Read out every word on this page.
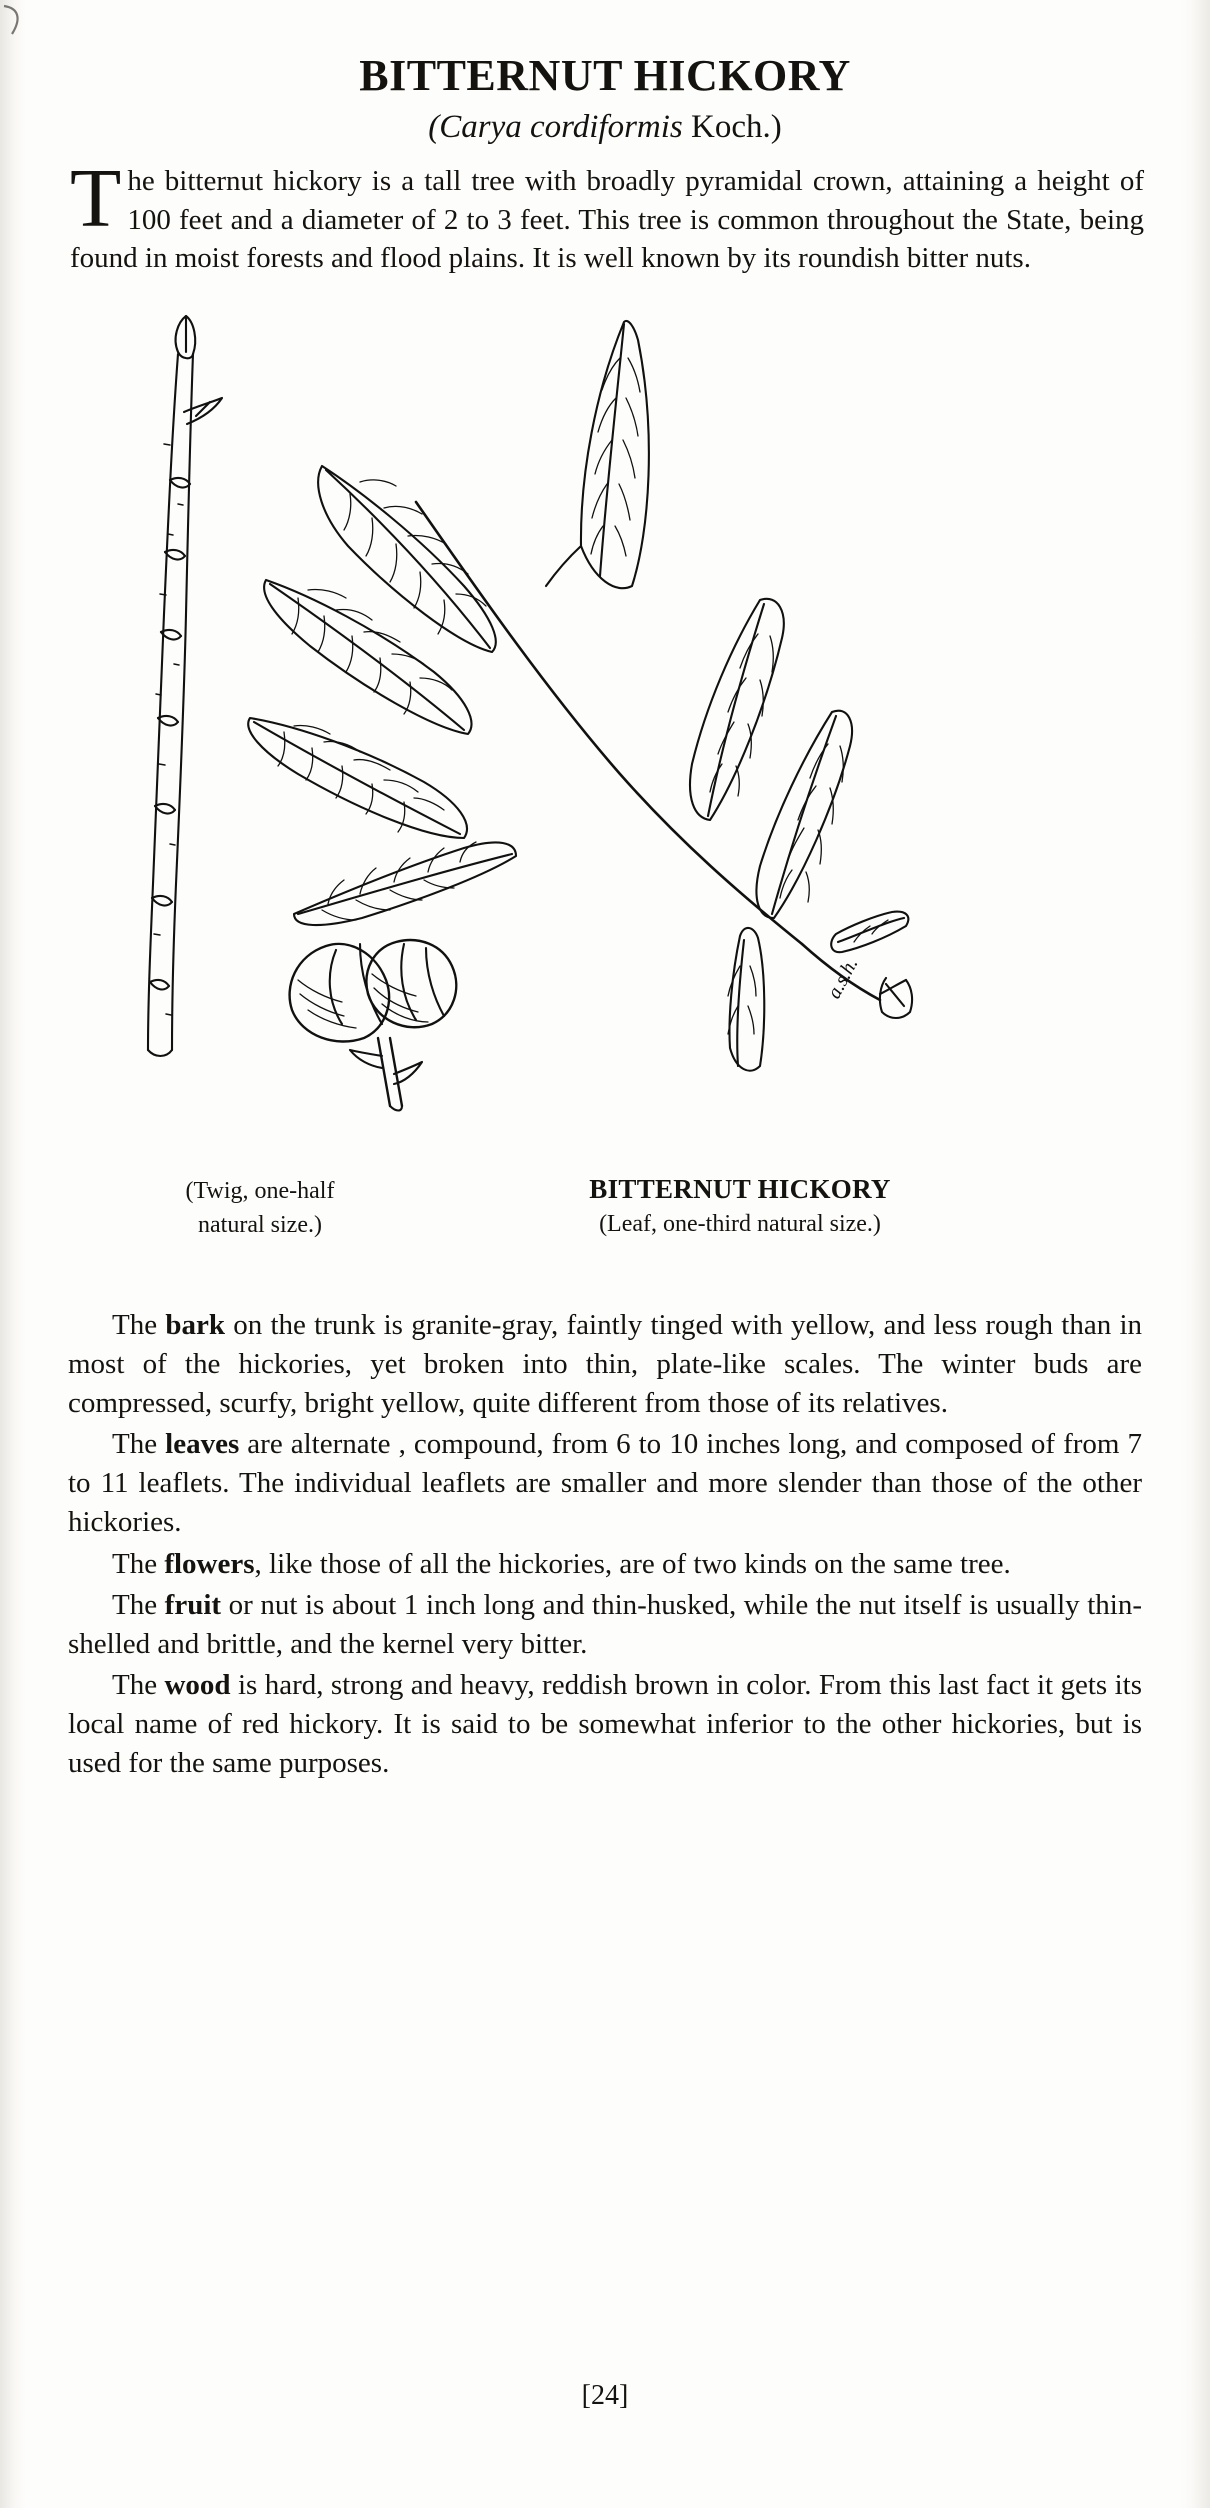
BITTERNUT HICKORY
(Carya cordiformis Koch.)
The bitternut hickory is a tall tree with broadly pyramidal crown, attaining a height of 100 feet and a diameter of 2 to 3 feet. This tree is common throughout the State, being found in moist forests and flood plains. It is well known by its roundish bitter nuts.
a.s.h.
(Twig, one-half
natural size.)
BITTERNUT HICKORY
(Leaf, one-third natural size.)

The bark on the trunk is granite-gray, faintly tinged with yellow, and less rough than in most of the hickories, yet broken into thin, plate-like scales. The winter buds are compressed, scurfy, bright yellow, quite different from those of its relatives.

The leaves are alternate , compound, from 6 to 10 inches long, and composed of from 7 to 11 leaflets. The individual leaflets are smaller and more slender than those of the other hickories.

The flowers, like those of all the hickories, are of two kinds on the same tree.

The fruit or nut is about 1 inch long and thin-husked, while the nut itself is usually thin-shelled and brittle, and the kernel very bitter.

The wood is hard, strong and heavy, reddish brown in color. From this last fact it gets its local name of red hickory. It is said to be somewhat inferior to the other hickories, but is used for the same purposes.

[24]
